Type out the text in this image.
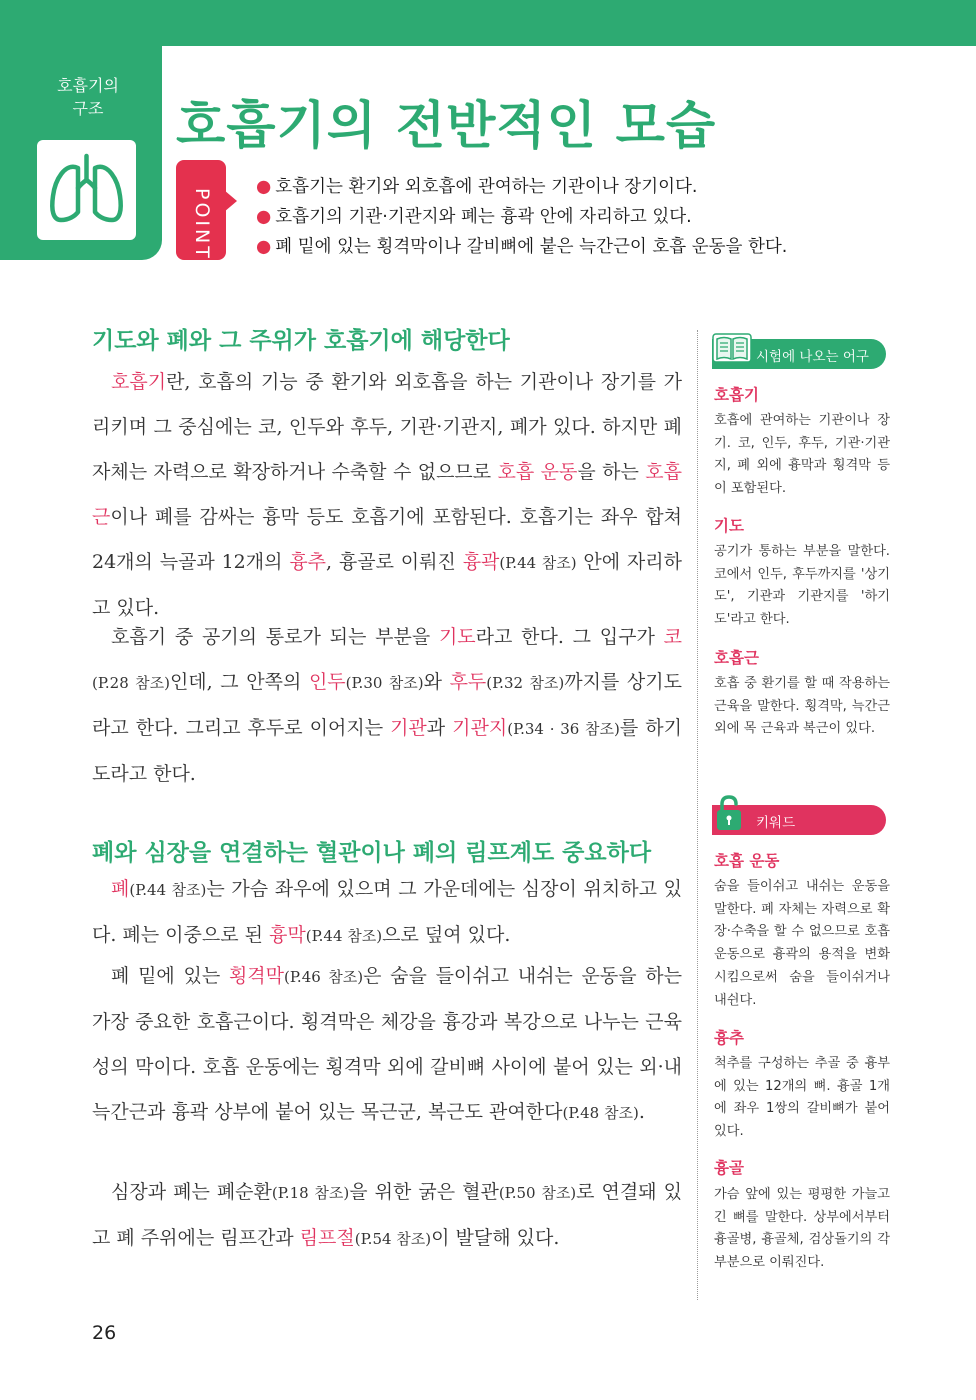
호흡기의
구조	호흡기의 전반적인 모습
POINT
● 호흡기는 환기와 외호흡에 관여하는 기관이나 장기이다.
● 호흡기의 기관·기관지와 폐는 흉곽 안에 자리하고 있다.
● 폐 밑에 있는 횡격막이나 갈비뼈에 붙은 늑간근이 호흡 운동을 한다.
기도와 폐와 그 주위가 호흡기에 해당한다

호흡기란, 호흡의 기능 중 환기와 외호흡을 하는 기관이나 장기를 가리키며 그 중심에는 코, 인두와 후두, 기관·기관지, 폐가 있다. 하지만 폐 자체는 자력으로 확장하거나 수축할 수 없으므로 호흡 운동을 하는 호흡근이나 폐를 감싸는 흉막 등도 호흡기에 포함된다. 호흡기는 좌우 합쳐 24개의 늑골과 12개의 흉추, 흉골로 이뤄진 흉곽(P.44 참조) 안에 자리하고 있다.

호흡기 중 공기의 통로가 되는 부분을 기도라고 한다. 그 입구가 코(P.28 참조)인데, 그 안쪽의 인두(P.30 참조)와 후두(P.32 참조)까지를 상기도라고 한다. 그리고 후두로 이어지는 기관과 기관지(P.34 · 36 참조)를 하기도라고 한다.

폐와 심장을 연결하는 혈관이나 폐의 림프계도 중요하다

폐(P.44 참조)는 가슴 좌우에 있으며 그 가운데에는 심장이 위치하고 있다. 폐는 이중으로 된 흉막(P.44 참조)으로 덮여 있다.

폐 밑에 있는 횡격막(P.46 참조)은 숨을 들이쉬고 내쉬는 운동을 하는 가장 중요한 호흡근이다. 횡격막은 체강을 흉강과 복강으로 나누는 근육성의 막이다. 호흡 운동에는 횡격막 외에 갈비뼈 사이에 붙어 있는 외·내늑간근과 흉곽 상부에 붙어 있는 목근군, 복근도 관여한다(P.48 참조).

심장과 폐는 폐순환(P.18 참조)을 위한 굵은 혈관(P.50 참조)로 연결돼 있고 폐 주위에는 림프간과 림프절(P.54 참조)이 발달해 있다.

시험에 나오는 어구
호흡기
호흡에 관여하는 기관이나 장기. 코, 인두, 후두, 기관·기관지, 폐 외에 흉막과 횡격막 등이 포함된다.
기도
공기가 통하는 부분을 말한다. 코에서 인두, 후두까지를 '상기도', 기관과 기관지를 '하기도'라고 한다.
호흡근
호흡 중 환기를 할 때 작용하는 근육을 말한다. 횡격막, 늑간근 외에 목 근육과 복근이 있다.
키워드
호흡 운동
숨을 들이쉬고 내쉬는 운동을 말한다. 폐 자체는 자력으로 확장·수축을 할 수 없으므로 호흡 운동으로 흉곽의 용적을 변화시킴으로써 숨을 들이쉬거나 내쉰다.
흉추
척추를 구성하는 추골 중 흉부에 있는 12개의 뼈. 흉골 1개에 좌우 1쌍의 갈비뼈가 붙어 있다.
흉골
가슴 앞에 있는 평평한 가늘고 긴 뼈를 말한다. 상부에서부터 흉골병, 흉골체, 검상돌기의 각 부분으로 이뤄진다.
26
